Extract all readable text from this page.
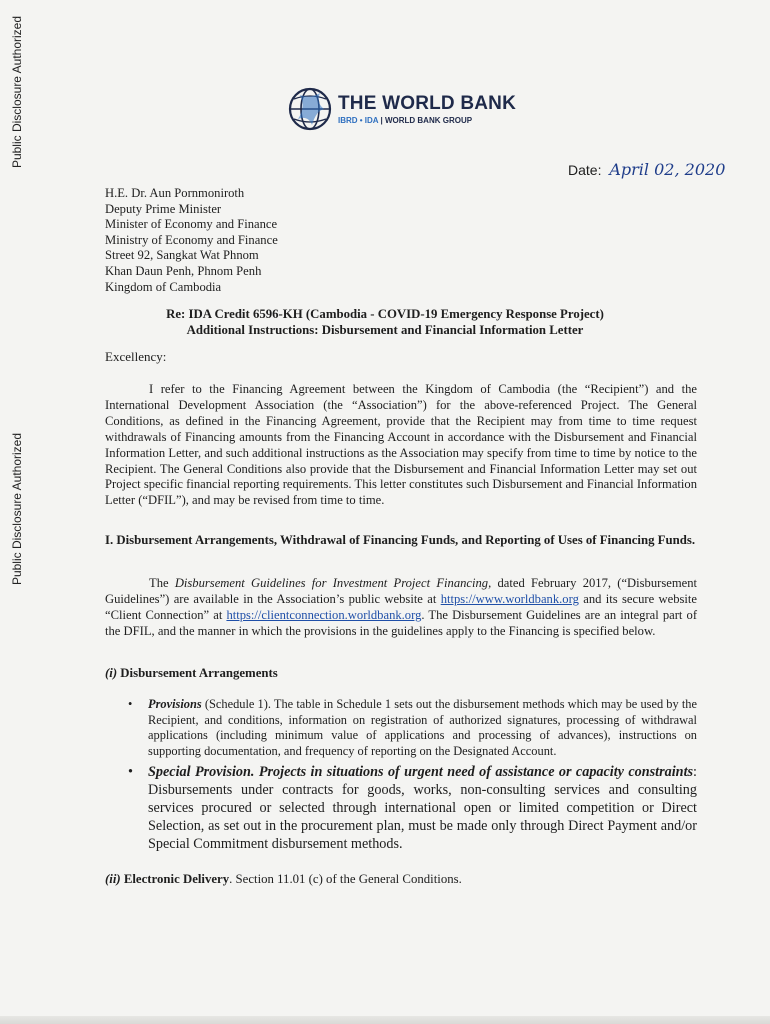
Public Disclosure Authorized
Public Disclosure Authorized
THE WORLD BANK
IBRD • IDA | WORLD BANK GROUP
Date: April 02, 2020
H.E. Dr. Aun Pornmoniroth
Deputy Prime Minister
Minister of Economy and Finance
Ministry of Economy and Finance
Street 92, Sangkat Wat Phnom
Khan Daun Penh, Phnom Penh
Kingdom of Cambodia
Re: IDA Credit 6596-KH (Cambodia - COVID-19 Emergency Response Project)
Additional Instructions: Disbursement and Financial Information Letter
Excellency:
I refer to the Financing Agreement between the Kingdom of Cambodia (the “Recipient”) and the International Development Association (the “Association”) for the above-referenced Project. The General Conditions, as defined in the Financing Agreement, provide that the Recipient may from time to time request withdrawals of Financing amounts from the Financing Account in accordance with the Disbursement and Financial Information Letter, and such additional instructions as the Association may specify from time to time by notice to the Recipient. The General Conditions also provide that the Disbursement and Financial Information Letter may set out Project specific financial reporting requirements. This letter constitutes such Disbursement and Financial Information Letter (“DFIL”), and may be revised from time to time.
I. Disbursement Arrangements, Withdrawal of Financing Funds, and Reporting of Uses of Financing Funds.
The Disbursement Guidelines for Investment Project Financing, dated February 2017, (“Disbursement Guidelines”) are available in the Association’s public website at https://www.worldbank.org and its secure website “Client Connection” at https://clientconnection.worldbank.org. The Disbursement Guidelines are an integral part of the DFIL, and the manner in which the provisions in the guidelines apply to the Financing is specified below.
(i) Disbursement Arrangements
• Provisions (Schedule 1). The table in Schedule 1 sets out the disbursement methods which may be used by the Recipient, and conditions, information on registration of authorized signatures, processing of withdrawal applications (including minimum value of applications and processing of advances), instructions on supporting documentation, and frequency of reporting on the Designated Account.
• Special Provision. Projects in situations of urgent need of assistance or capacity constraints: Disbursements under contracts for goods, works, non-consulting services and consulting services procured or selected through international open or limited competition or Direct Selection, as set out in the procurement plan, must be made only through Direct Payment and/or Special Commitment disbursement methods.
(ii) Electronic Delivery. Section 11.01 (c) of the General Conditions.
